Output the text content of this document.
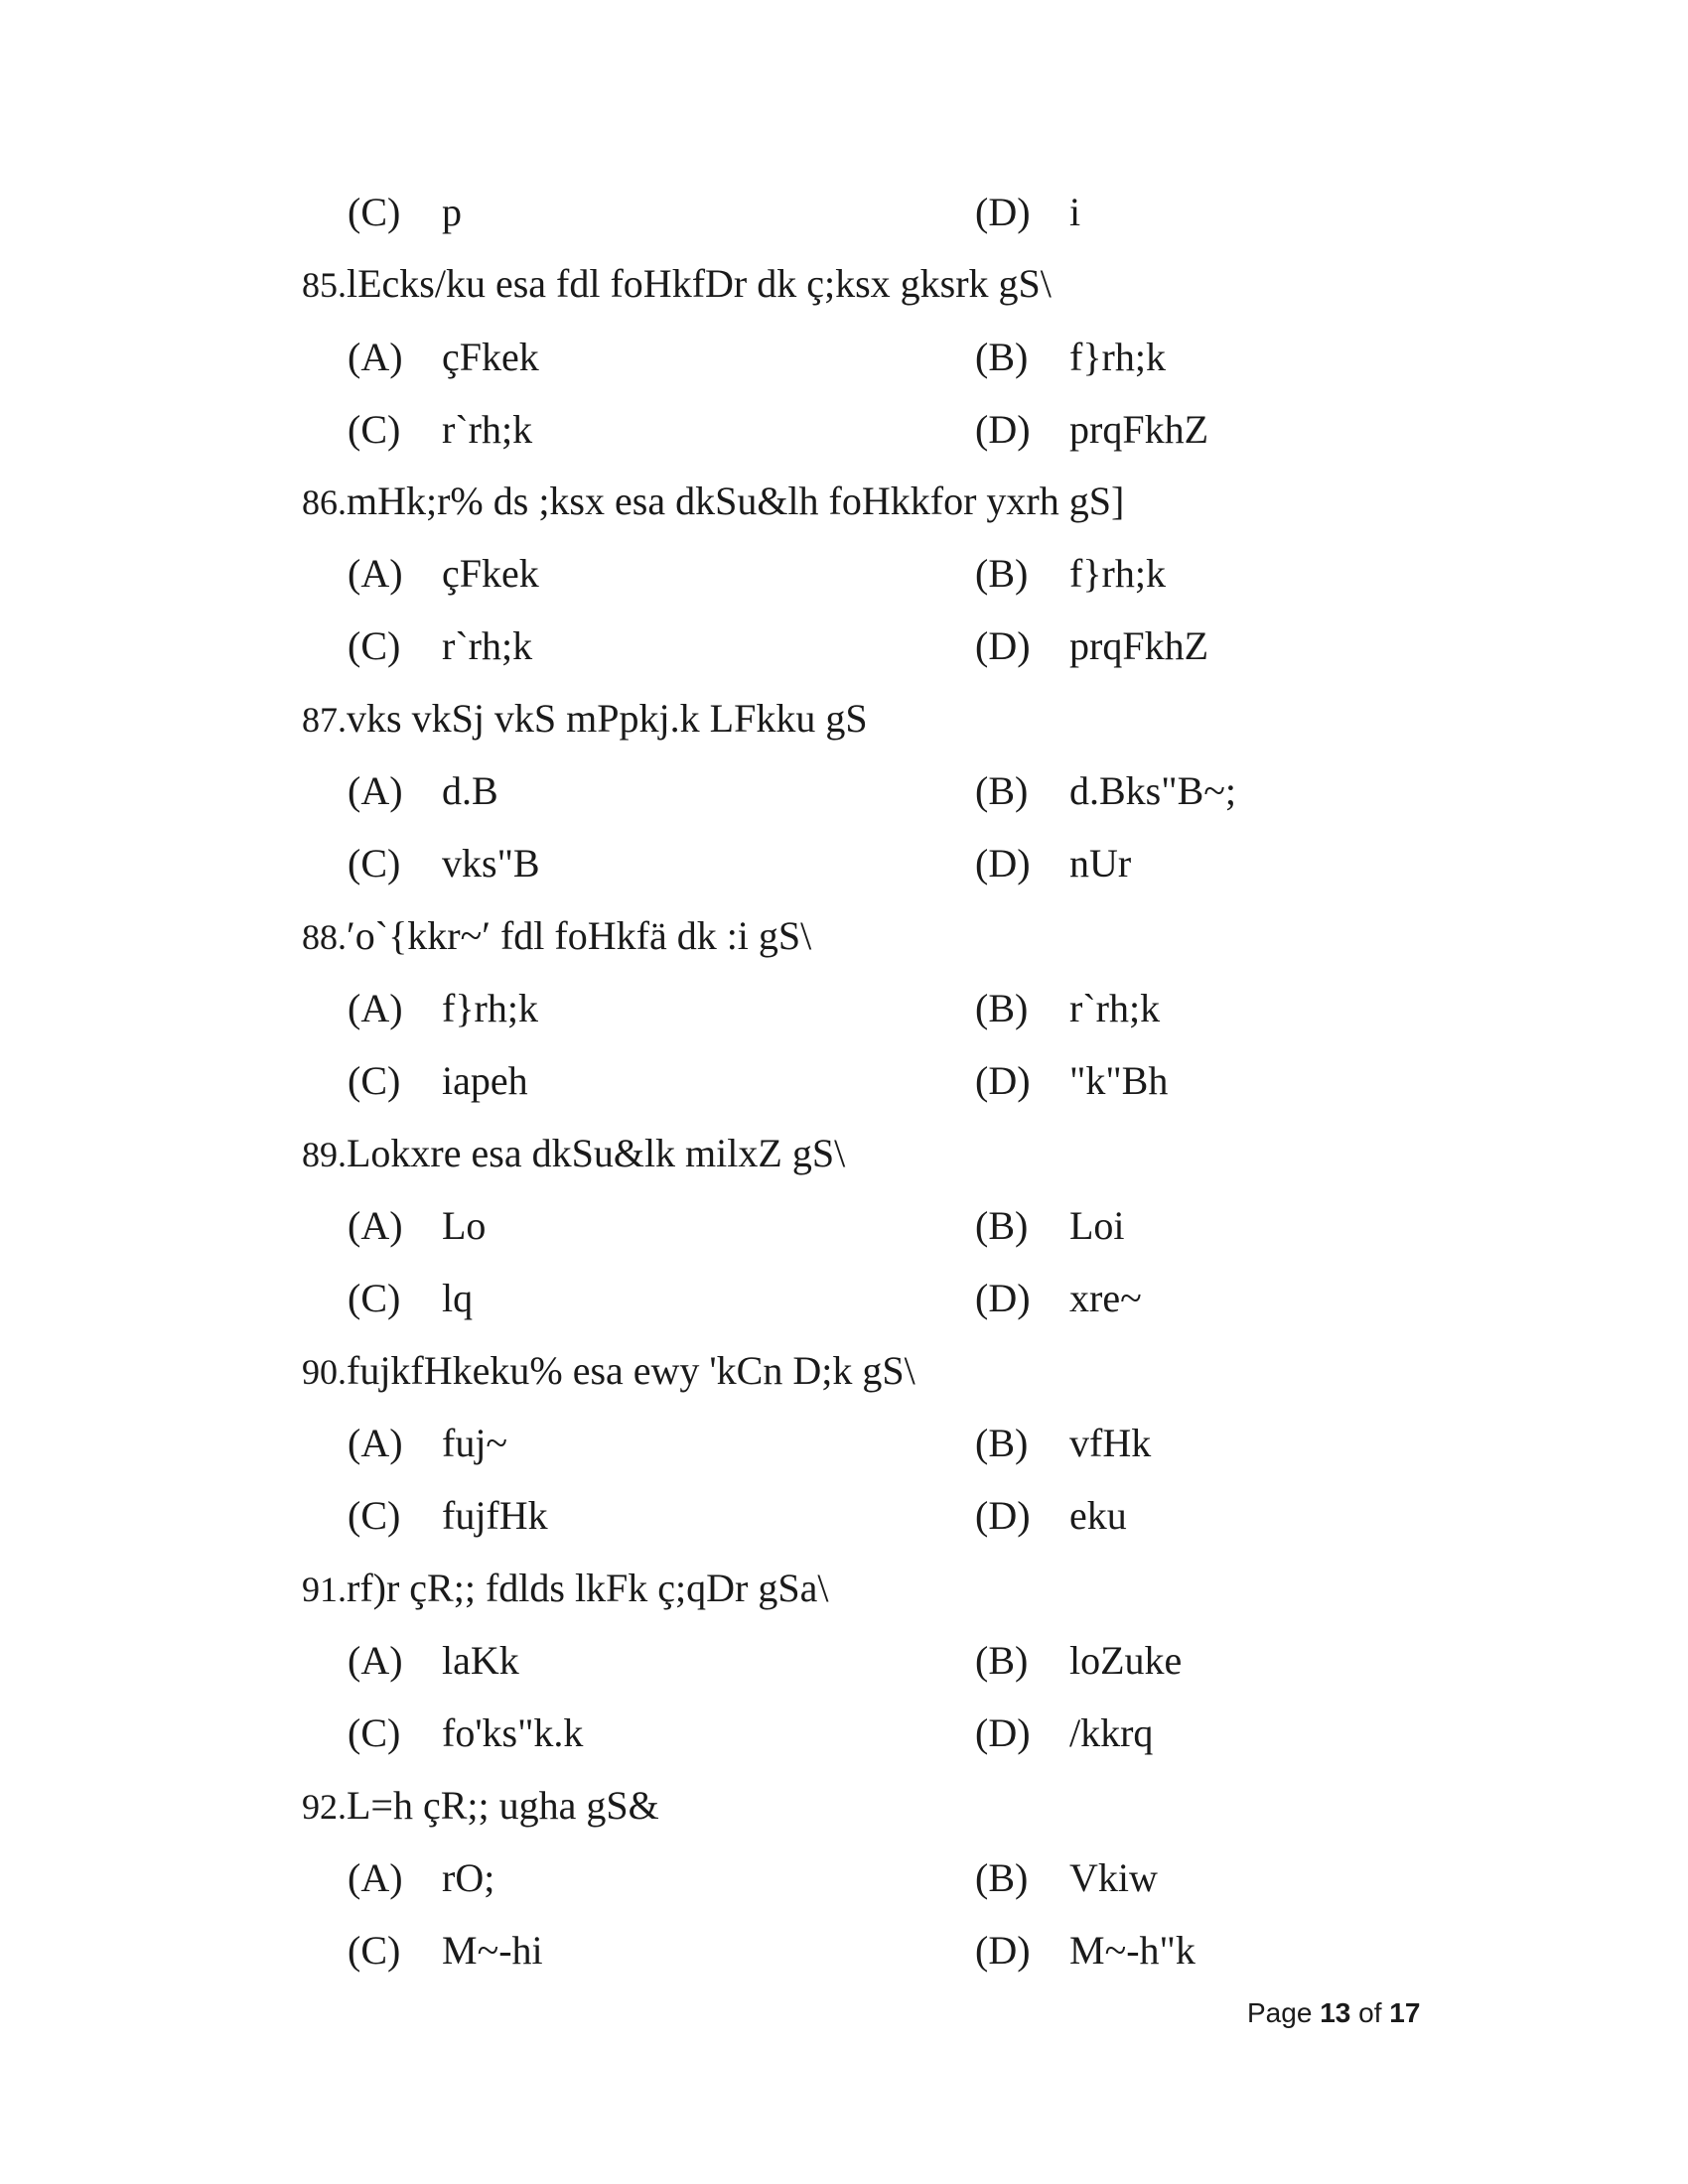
(C) p	(D) i
85.lEcks/ku esa fdl foHkfDr dk ç;ksx gksrk gS\
(A) çFkek	(B) f}rh;k
(C) r`rh;k	(D) prqFkhZ
86.mHk;r% ds ;ksx esa dkSu&lh foHkkfor yxrh gS]
(A) çFkek	(B) f}rh;k
(C) r`rh;k	(D) prqFkhZ
87.vks vkSj vkS mPpkj.k LFkku gS
(A) d.B	(B) d.Bks"B~;
(C) vks"B	(D) nUr
88.′o`{kkr~′ fdl foHkfä dk :i gS\
(A) f}rh;k	(B) r`rh;k
(C) iapeh	(D) "k"Bh
89.Lokxre esa dkSu&lk milxZ gS\
(A) Lo	(B) Loi
(C) lq	(D) xre~
90.fujkfHkeku% esa ewy 'kCn D;k gS\
(A) fuj~	(B) vfHk
(C) fujfHk	(D) eku
91.rf)r çR;; fdlds lkFk ç;qDr gSa\
(A) laKk	(B) loZuke
(C) fo'ks"k.k	(D) /kkrq
92.L=h çR;; ugha gS&
(A) rO;	(B) Vkiw
(C) M~-hi	(D) M~-h"k
Page 13 of 17
